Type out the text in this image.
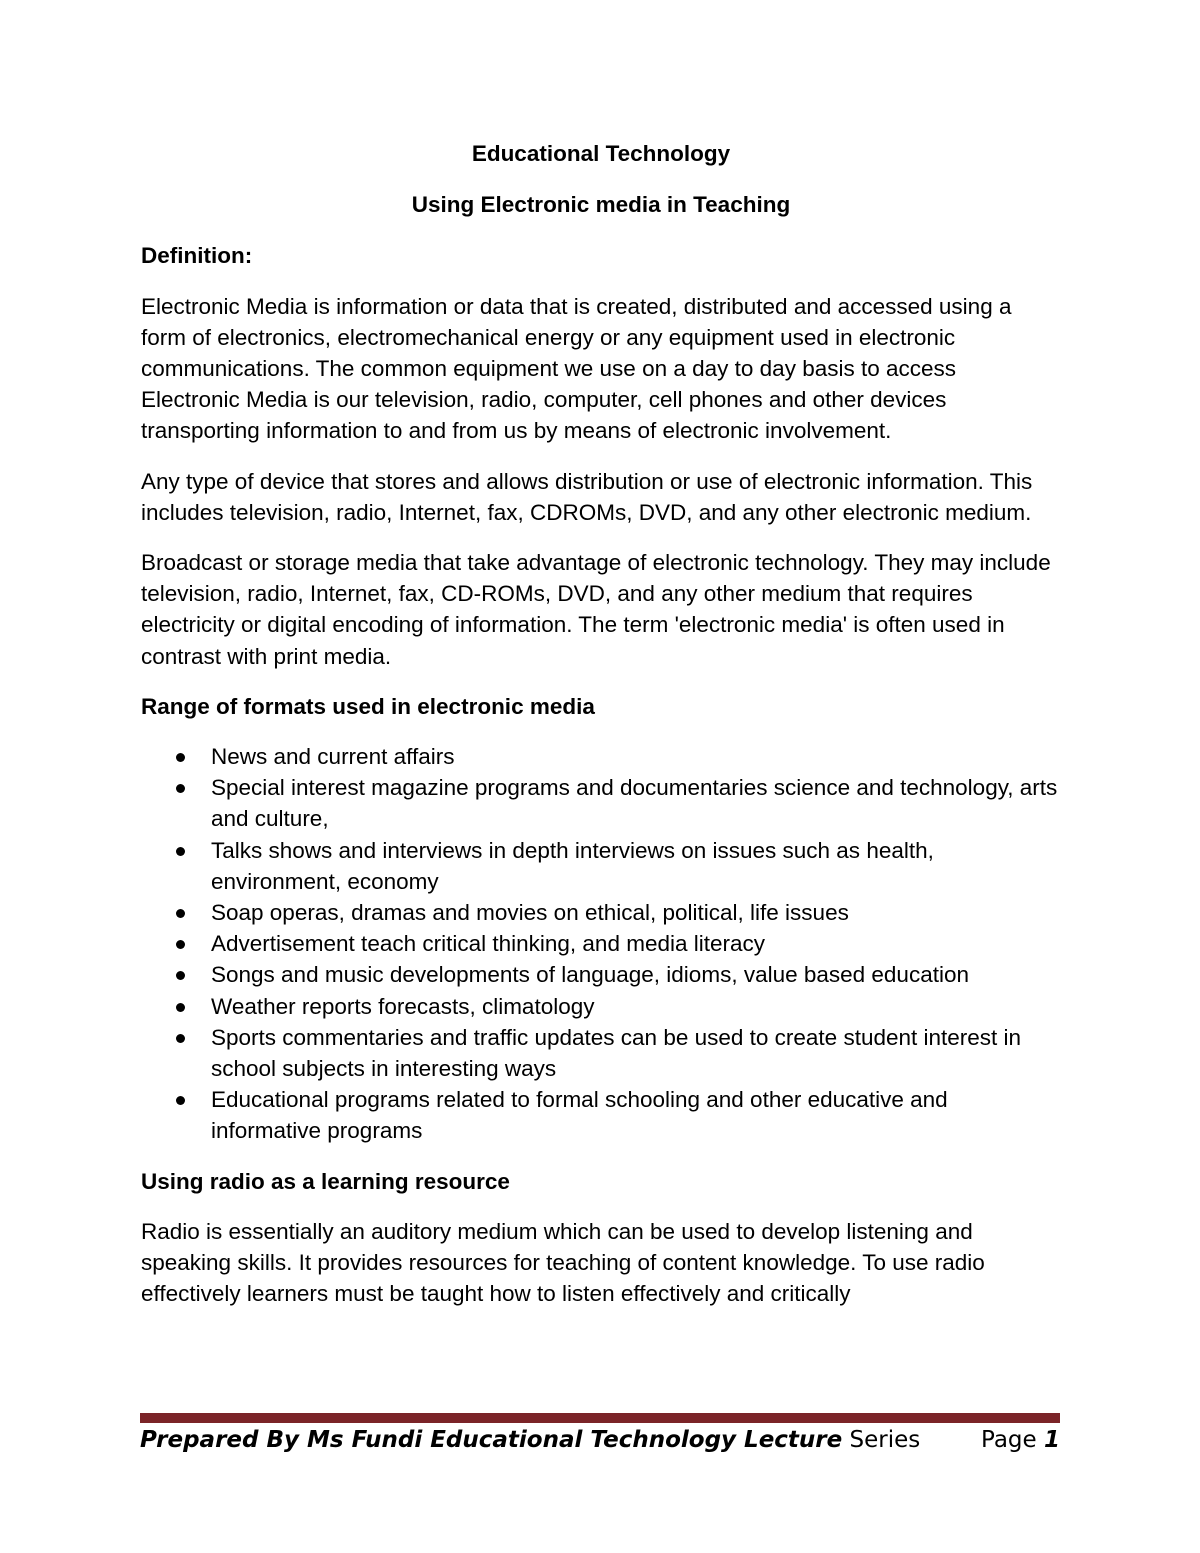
Educational Technology

Using Electronic media in Teaching

Definition:

Electronic Media is information or data that is created, distributed and accessed using a form of electronics, electromechanical energy or any equipment used in electronic communications. The common equipment we use on a day to day basis to access Electronic Media is our television, radio, computer, cell phones and other devices transporting information to and from us by means of electronic involvement.

Any type of device that stores and allows distribution or use of electronic information. This includes television, radio, Internet, fax, CDROMs, DVD, and any other electronic medium.

Broadcast or storage media that take advantage of electronic technology. They may include television, radio, Internet, fax, CD-ROMs, DVD, and any other medium that requires electricity or digital encoding of information. The term 'electronic media' is often used in contrast with print media.

Range of formats used in electronic media

News and current affairs
Special interest magazine programs and documentaries science and technology, arts and culture,
Talks shows and interviews in depth interviews on issues such as health, environment, economy
Soap operas, dramas and movies on ethical, political, life issues
Advertisement teach critical thinking, and media literacy
Songs and music developments of language, idioms, value based education
Weather reports forecasts, climatology
Sports commentaries and traffic updates can be used to create student interest in school subjects in interesting ways
Educational programs related to formal schooling and other educative and informative programs

Using radio as a learning resource

Radio is essentially an auditory medium which can be used to develop listening and speaking skills. It provides resources for teaching of content knowledge. To use radio effectively learners must be taught how to listen effectively and critically

Prepared By Ms Fundi Educational Technology Lecture Series	Page 1
